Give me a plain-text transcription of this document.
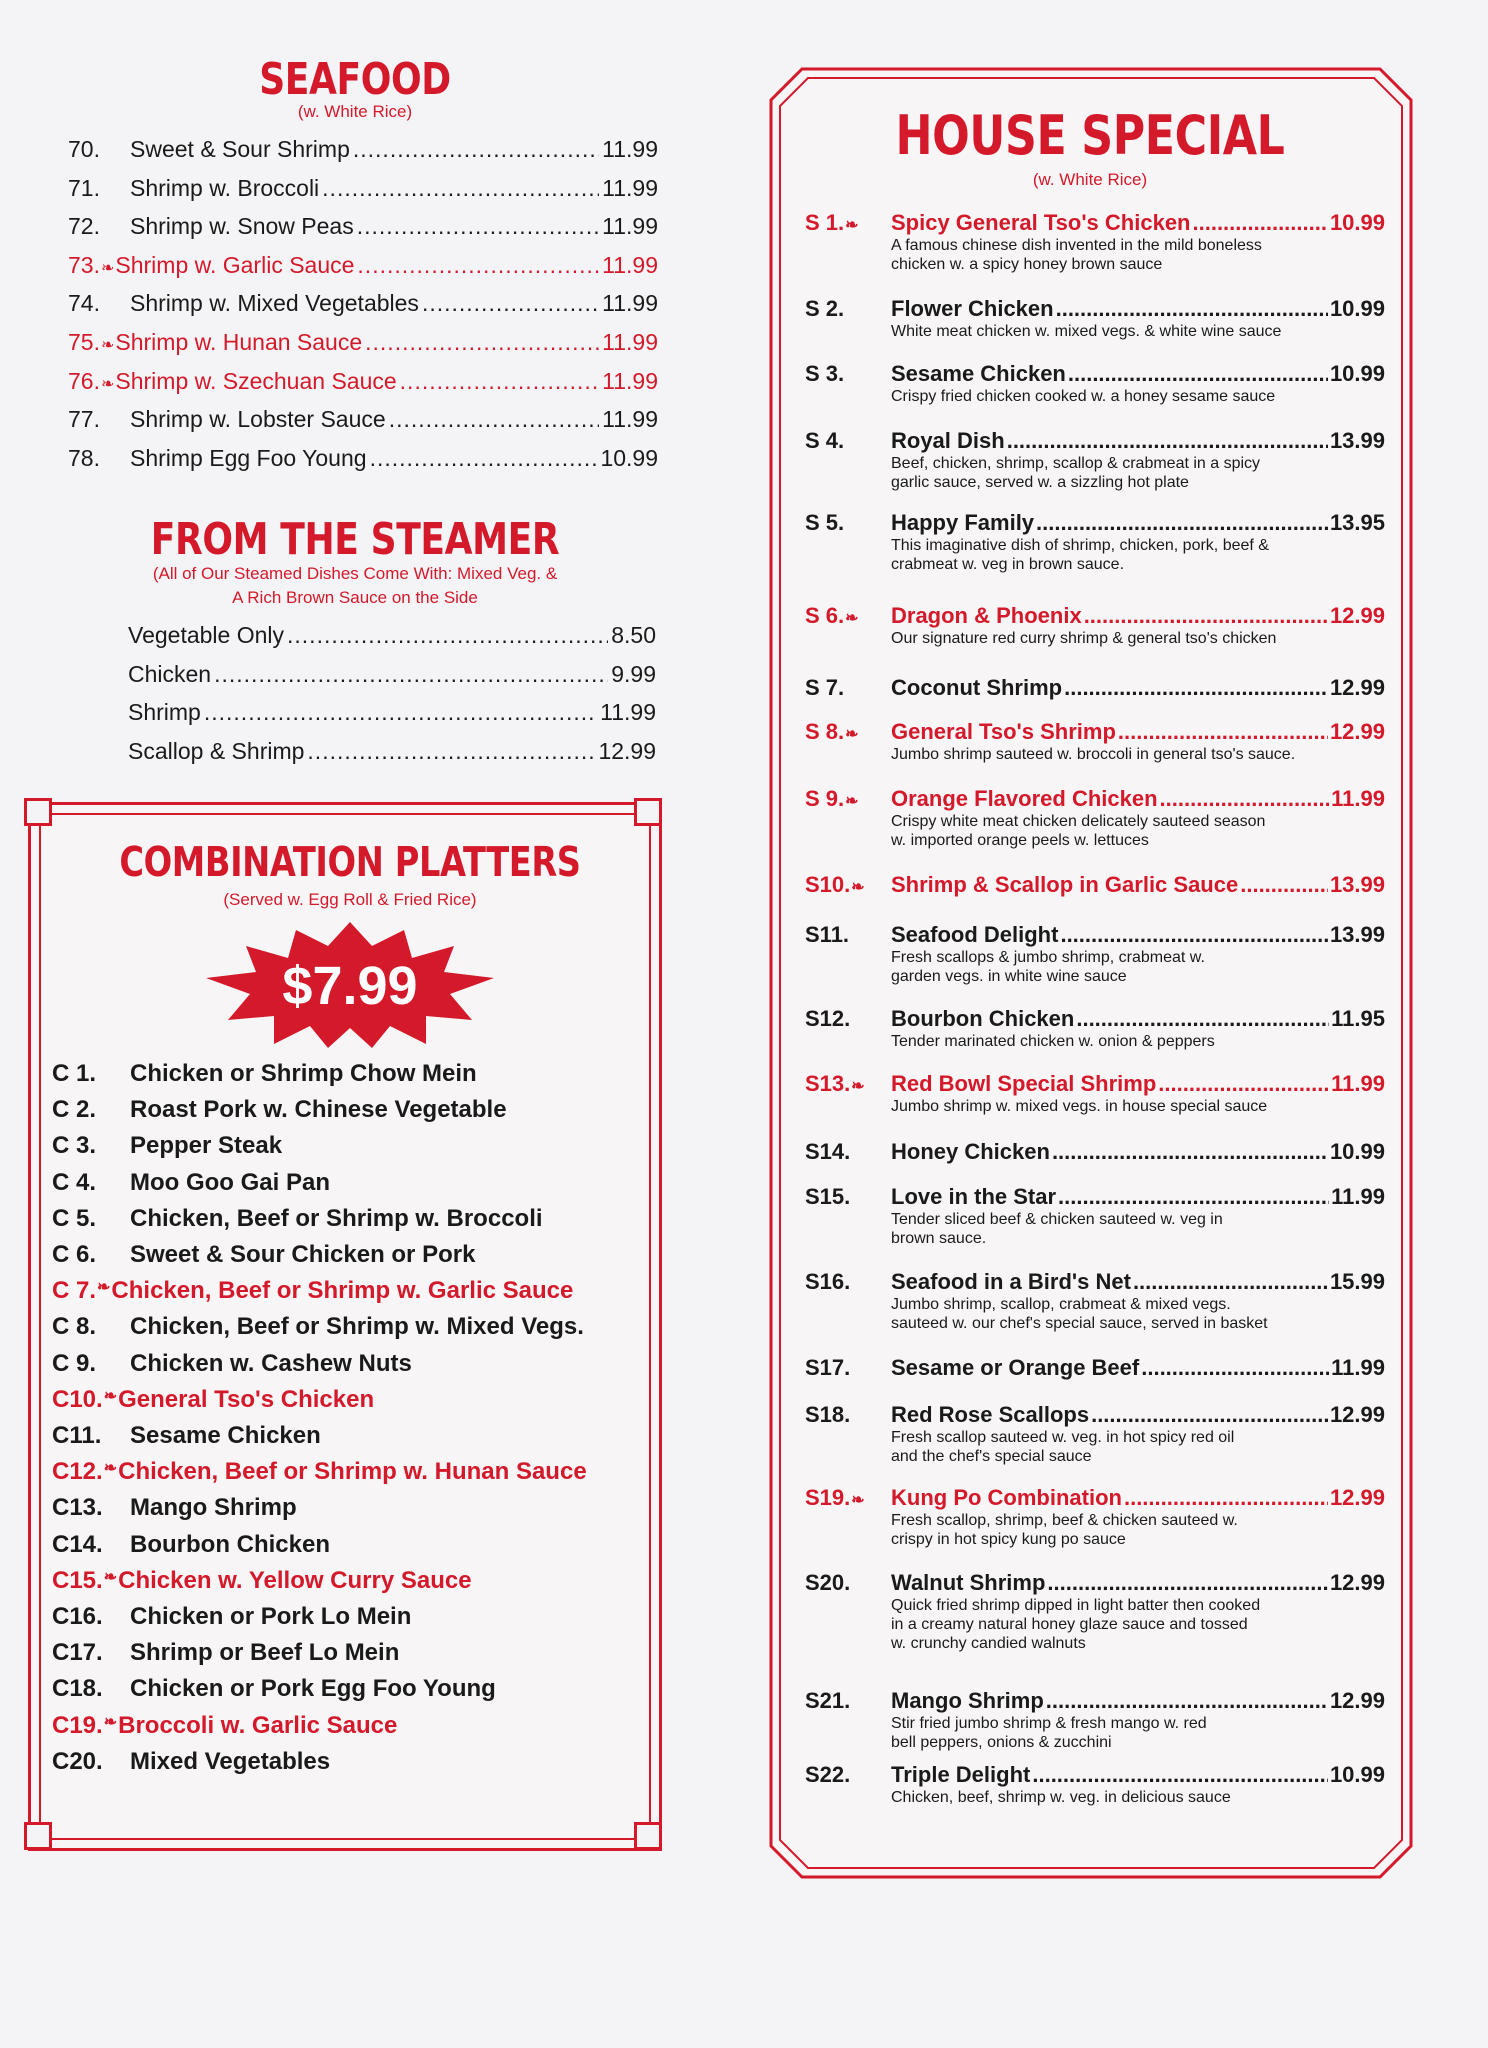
SEAFOOD
(w. White Rice)
70.	Sweet & Sour Shrimp .....	11.99
71.	Shrimp w. Broccoli .....	11.99
72.	Shrimp w. Snow Peas .....	11.99
73. ❧ Shrimp w. Garlic Sauce .....	11.99
74.	Shrimp w. Mixed Vegetables .....	11.99
75. ❧ Shrimp w. Hunan Sauce .....	11.99
76. ❧ Shrimp w. Szechuan Sauce .....	11.99
77.	Shrimp w. Lobster Sauce .....	11.99
78.	Shrimp Egg Foo Young .....	10.99
FROM THE STEAMER
(All of Our Steamed Dishes Come With: Mixed Veg. &
A Rich Brown Sauce on the Side
Vegetable Only .....	8.50
Chicken .....	9.99
Shrimp .....	11.99
Scallop & Shrimp .....	12.99
COMBINATION PLATTERS
(Served w. Egg Roll & Fried Rice)
$7.99
C 1.	Chicken or Shrimp Chow Mein
C 2.	Roast Pork w. Chinese Vegetable
C 3.	Pepper Steak
C 4.	Moo Goo Gai Pan
C 5.	Chicken, Beef or Shrimp w. Broccoli
C 6.	Sweet & Sour Chicken or Pork
C 7. ❧ Chicken, Beef or Shrimp w. Garlic Sauce
C 8.	Chicken, Beef or Shrimp w. Mixed Vegs.
C 9.	Chicken w. Cashew Nuts
C10. ❧ General Tso's Chicken
C11.	Sesame Chicken
C12. ❧ Chicken, Beef or Shrimp w. Hunan Sauce
C13.	Mango Shrimp
C14.	Bourbon Chicken
C15. ❧ Chicken w. Yellow Curry Sauce
C16.	Chicken or Pork Lo Mein
C17.	Shrimp or Beef Lo Mein
C18.	Chicken or Pork Egg Foo Young
C19. ❧ Broccoli w. Garlic Sauce
C20.	Mixed Vegetables
HOUSE SPECIAL
(w. White Rice)
S 1.❧	Spicy General Tso's Chicken .....	10.99
A famous chinese dish invented in the mild boneless
chicken w. a spicy honey brown sauce
S 2.	Flower Chicken .....	10.99
White meat chicken w. mixed vegs. & white wine sauce
S 3.	Sesame Chicken .....	10.99
Crispy fried chicken cooked w. a honey sesame sauce
S 4.	Royal Dish .....	13.99
Beef, chicken, shrimp, scallop & crabmeat in a spicy
garlic sauce, served w. a sizzling hot plate
S 5.	Happy Family .....	13.95
This imaginative dish of shrimp, chicken, pork, beef &
crabmeat w. veg in brown sauce.
S 6.❧	Dragon & Phoenix .....	12.99
Our signature red curry shrimp & general tso's chicken
S 7.	Coconut Shrimp .....	12.99
S 8.❧	General Tso's Shrimp .....	12.99
Jumbo shrimp sauteed w. broccoli in general tso's sauce.
S 9.❧	Orange Flavored Chicken .....	11.99
Crispy white meat chicken delicately sauteed season
w. imported orange peels w. lettuces
S10.❧	Shrimp & Scallop in Garlic Sauce .....	13.99
S11.	Seafood Delight .....	13.99
Fresh scallops & jumbo shrimp, crabmeat w.
garden vegs. in white wine sauce
S12.	Bourbon Chicken .....	11.95
Tender marinated chicken w. onion & peppers
S13.❧	Red Bowl Special Shrimp .....	11.99
Jumbo shrimp w. mixed vegs. in house special sauce
S14.	Honey Chicken .....	10.99
S15.	Love in the Star .....	11.99
Tender sliced beef & chicken sauteed w. veg in
brown sauce.
S16.	Seafood in a Bird's Net .....	15.99
Jumbo shrimp, scallop, crabmeat & mixed vegs.
sauteed w. our chef's special sauce, served in basket
S17.	Sesame or Orange Beef .....	11.99
S18.	Red Rose Scallops .....	12.99
Fresh scallop sauteed w. veg. in hot spicy red oil
and the chef's special sauce
S19.❧	Kung Po Combination .....	12.99
Fresh scallop, shrimp, beef & chicken sauteed w.
crispy in hot spicy kung po sauce
S20.	Walnut Shrimp .....	12.99
Quick fried shrimp dipped in light batter then cooked
in a creamy natural honey glaze sauce and tossed
w. crunchy candied walnuts
S21.	Mango Shrimp .....	12.99
Stir fried jumbo shrimp & fresh mango w. red
bell peppers, onions & zucchini
S22.	Triple Delight .....	10.99
Chicken, beef, shrimp w. veg. in delicious sauce
